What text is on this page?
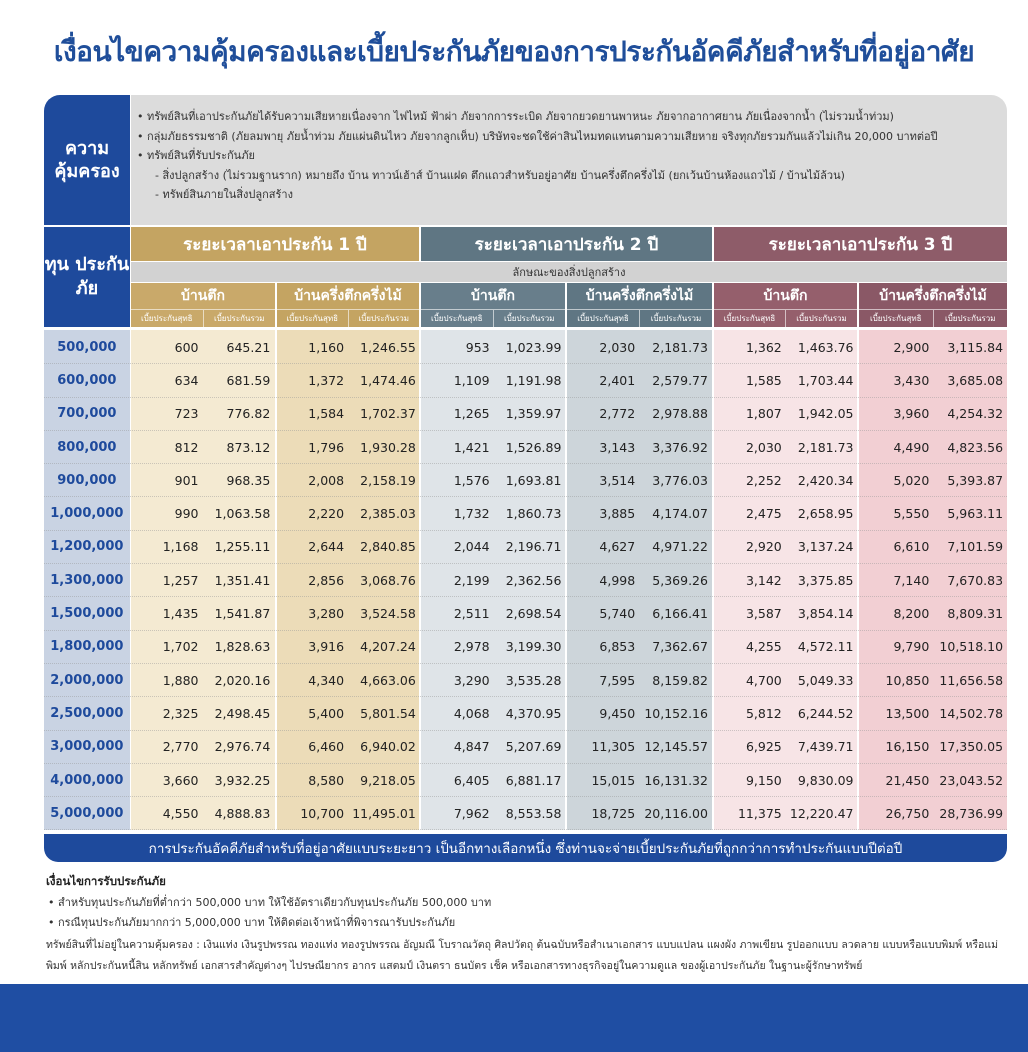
เงื่อนไขความคุ้มครองและเบี้ยประกันภัยของการประกันอัคคีภัยสำหรับที่อยู่อาศัย
ความ คุ้มครอง
• ทรัพย์สินที่เอาประกันภัยได้รับความเสียหายเนื่องจาก ไฟไหม้ ฟ้าผ่า ภัยจากการระเบิด ภัยจากยวดยานพาหนะ ภัยจากอากาศยาน ภัยเนื่องจากน้ำ (ไม่รวมน้ำท่วม)
• กลุ่มภัยธรรมชาติ (ภัยลมพายุ ภัยน้ำท่วม ภัยแผ่นดินไหว ภัยจากลูกเห็บ) บริษัทจะชดใช้ค่าสินไหมทดแทนตามความเสียหาย จริงทุกภัยรวมกันแล้วไม่เกิน 20,000 บาทต่อปี
• ทรัพย์สินที่รับประกันภัย
- สิ่งปลูกสร้าง (ไม่รวมฐานราก) หมายถึง บ้าน ทาวน์เฮ้าส์ บ้านแฝด ตึกแถวสำหรับอยู่อาศัย บ้านครึ่งตึกครึ่งไม้ (ยกเว้นบ้านห้องแถวไม้ / บ้านไม้ล้วน)
- ทรัพย์สินภายในสิ่งปลูกสร้าง
ทุน ประกันภัย
ระยะเวลาเอาประกัน 1 ปี	ระยะเวลาเอาประกัน 2 ปี	ระยะเวลาเอาประกัน 3 ปี
ลักษณะของสิ่งปลูกสร้าง
บ้านตึก
เบี้ยประกันสุทธิ	เบี้ยประกันรวม
บ้านครึ่งตึกครึ่งไม้
เบี้ยประกันสุทธิ	เบี้ยประกันรวม
บ้านตึก
เบี้ยประกันสุทธิ	เบี้ยประกันรวม
บ้านครึ่งตึกครึ่งไม้
เบี้ยประกันสุทธิ	เบี้ยประกันรวม
บ้านตึก
เบี้ยประกันสุทธิ	เบี้ยประกันรวม
บ้านครึ่งตึกครึ่งไม้
เบี้ยประกันสุทธิ	เบี้ยประกันรวม
500,000	600	645.21	1,160	1,246.55	953	1,023.99	2,030	2,181.73	1,362	1,463.76	2,900	3,115.84
600,000	634	681.59	1,372	1,474.46	1,109	1,191.98	2,401	2,579.77	1,585	1,703.44	3,430	3,685.08
700,000	723	776.82	1,584	1,702.37	1,265	1,359.97	2,772	2,978.88	1,807	1,942.05	3,960	4,254.32
800,000	812	873.12	1,796	1,930.28	1,421	1,526.89	3,143	3,376.92	2,030	2,181.73	4,490	4,823.56
900,000	901	968.35	2,008	2,158.19	1,576	1,693.81	3,514	3,776.03	2,252	2,420.34	5,020	5,393.87
1,000,000	990	1,063.58	2,220	2,385.03	1,732	1,860.73	3,885	4,174.07	2,475	2,658.95	5,550	5,963.11
1,200,000	1,168	1,255.11	2,644	2,840.85	2,044	2,196.71	4,627	4,971.22	2,920	3,137.24	6,610	7,101.59
1,300,000	1,257	1,351.41	2,856	3,068.76	2,199	2,362.56	4,998	5,369.26	3,142	3,375.85	7,140	7,670.83
1,500,000	1,435	1,541.87	3,280	3,524.58	2,511	2,698.54	5,740	6,166.41	3,587	3,854.14	8,200	8,809.31
1,800,000	1,702	1,828.63	3,916	4,207.24	2,978	3,199.30	6,853	7,362.67	4,255	4,572.11	9,790 10,518.10
2,000,000	1,880	2,020.16	4,340	4,663.06	3,290	3,535.28	7,595	8,159.82	4,700	5,049.33	10,850 11,656.58
2,500,000	2,325	2,498.45	5,400	5,801.54	4,068	4,370.95	9,450 10,152.16	5,812	6,244.52	13,500 14,502.78
3,000,000	2,770	2,976.74	6,460	6,940.02	4,847	5,207.69	11,305 12,145.57	6,925	7,439.71	16,150 17,350.05
4,000,000	3,660	3,932.25	8,580	9,218.05	6,405	6,881.17	15,015 16,131.32	9,150	9,830.09	21,450 23,043.52
5,000,000	4,550	4,888.83	10,700 11,495.01	7,962	8,553.58	18,725 20,116.00	11,375 12,220.47	26,750 28,736.99
การประกันอัคคีภัยสำหรับที่อยู่อาศัยแบบระยะยาว เป็นอีกทางเลือกหนึ่ง ซึ่งท่านจะจ่ายเบี้ยประกันภัยที่ถูกกว่าการทำประกันแบบปีต่อปี
เงื่อนไขการรับประกันภัย
• สำหรับทุนประกันภัยที่ต่ำกว่า 500,000 บาท ให้ใช้อัตราเดียวกับทุนประกันภัย 500,000 บาท
• กรณีทุนประกันภัยมากกว่า 5,000,000 บาท ให้ติดต่อเจ้าหน้าที่พิจารณารับประกันภัย
ทรัพย์สินที่ไม่อยู่ในความคุ้มครอง : เงินแท่ง เงินรูปพรรณ ทองแท่ง ทองรูปพรรณ อัญมณี โบราณวัตถุ ศิลปวัตถุ ต้นฉบับหรือสำเนาเอกสาร แบบแปลน แผงผัง ภาพเขียน รูปออกแบบ ลวดลาย แบบหรือแบบพิมพ์ หรือแม่พิมพ์ หลักประกันหนี้สิน หลักทรัพย์ เอกสารสำคัญต่างๆ ไปรษณียากร อากร แสตมป์ เงินตรา ธนบัตร เช็ค หรือเอกสารทางธุรกิจอยู่ในความดูแล ของผู้เอาประกันภัย ในฐานะผู้รักษาทรัพย์
